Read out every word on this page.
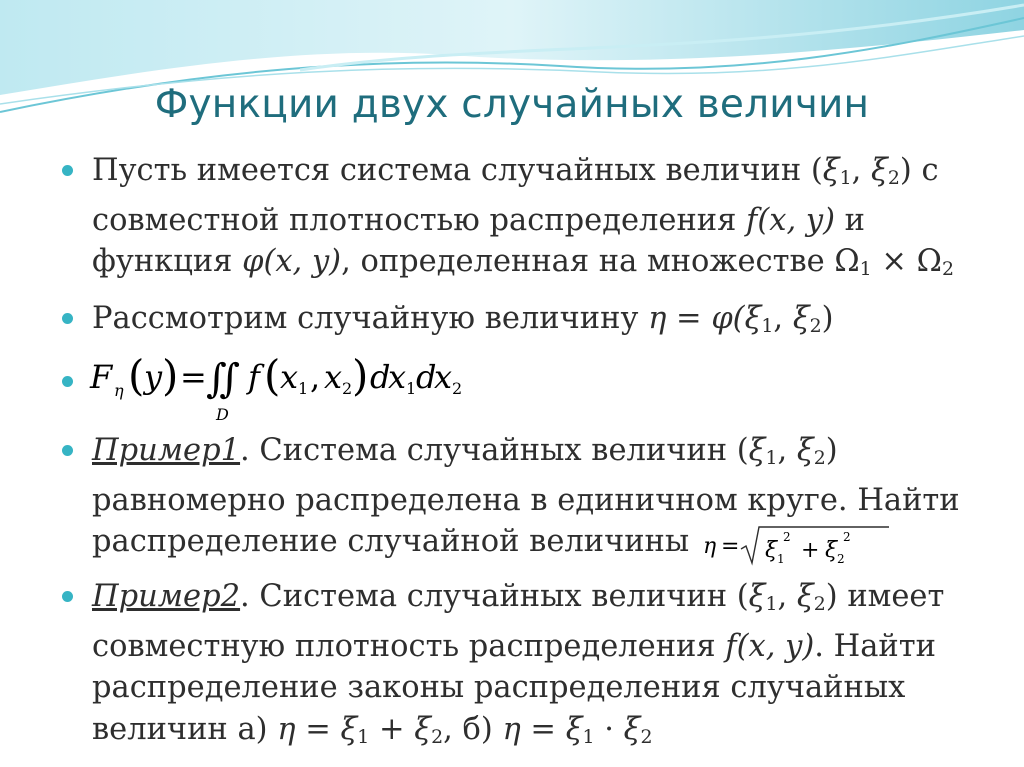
Функции двух случайных величин
Пусть имеется система случайных величин ($\xi_1$, $\xi_2$) с совместной плотностью распределения f(x, y) и функция φ(x, y), определенная на множестве $\Omega_1 \times \Omega_2$
Рассмотрим случайную величину $\eta = \varphi(\xi_1$, $\xi_2$)
F η ( y ) = ∬
D
f ( x 1 , x 2 ) d
x 1 d
x 2
Пример1. Система случайных величин ($\xi_1$, $\xi_2$) равномерно распределена в единичном круге. Найти распределение случайной величины η = ξ 1
2
+ ξ 2
2
Пример2. Система случайных величин ($\xi_1$, $\xi_2$) имеет совместную плотность распределения f(x, y). Найти распределение законы распределения случайных величин а) $\eta = \xi_1 + \xi_2$, б) $\eta = \xi_1 \cdot \xi_2$
